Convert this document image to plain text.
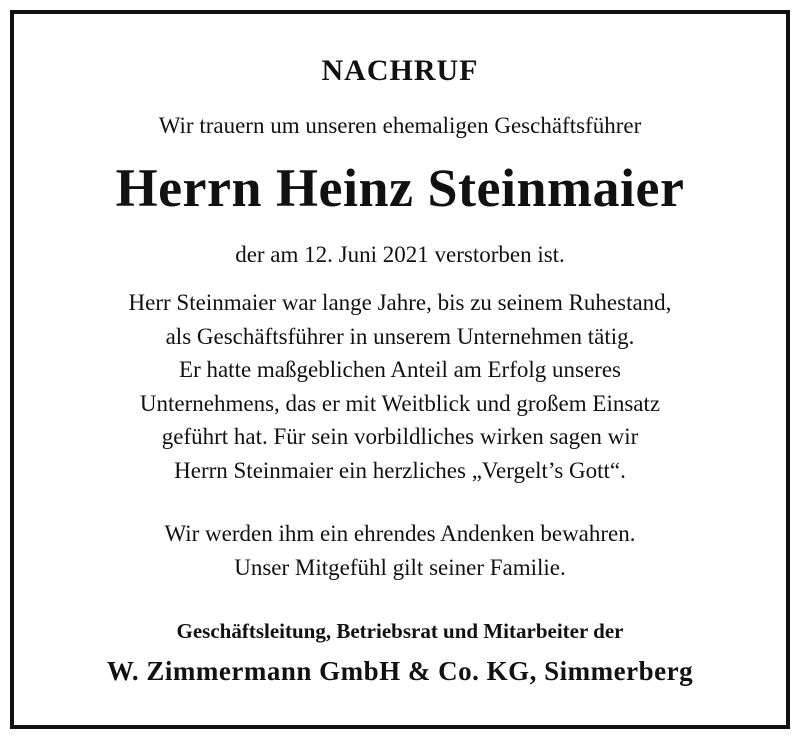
NACHRUF
Wir trauern um unseren ehemaligen Geschäftsführer
Herrn Heinz Steinmaier
der am 12. Juni 2021 verstorben ist.
Herr Steinmaier war lange Jahre, bis zu seinem Ruhestand,
als Geschäftsführer in unserem Unternehmen tätig.
Er hatte maßgeblichen Anteil am Erfolg unseres
Unternehmens, das er mit Weitblick und großem Einsatz
geführt hat. Für sein vorbildliches wirken sagen wir
Herrn Steinmaier ein herzliches „Vergelt’s Gott“.
Wir werden ihm ein ehrendes Andenken bewahren.
Unser Mitgefühl gilt seiner Familie.
Geschäftsleitung, Betriebsrat und Mitarbeiter der
W. Zimmermann GmbH & Co. KG, Simmerberg
